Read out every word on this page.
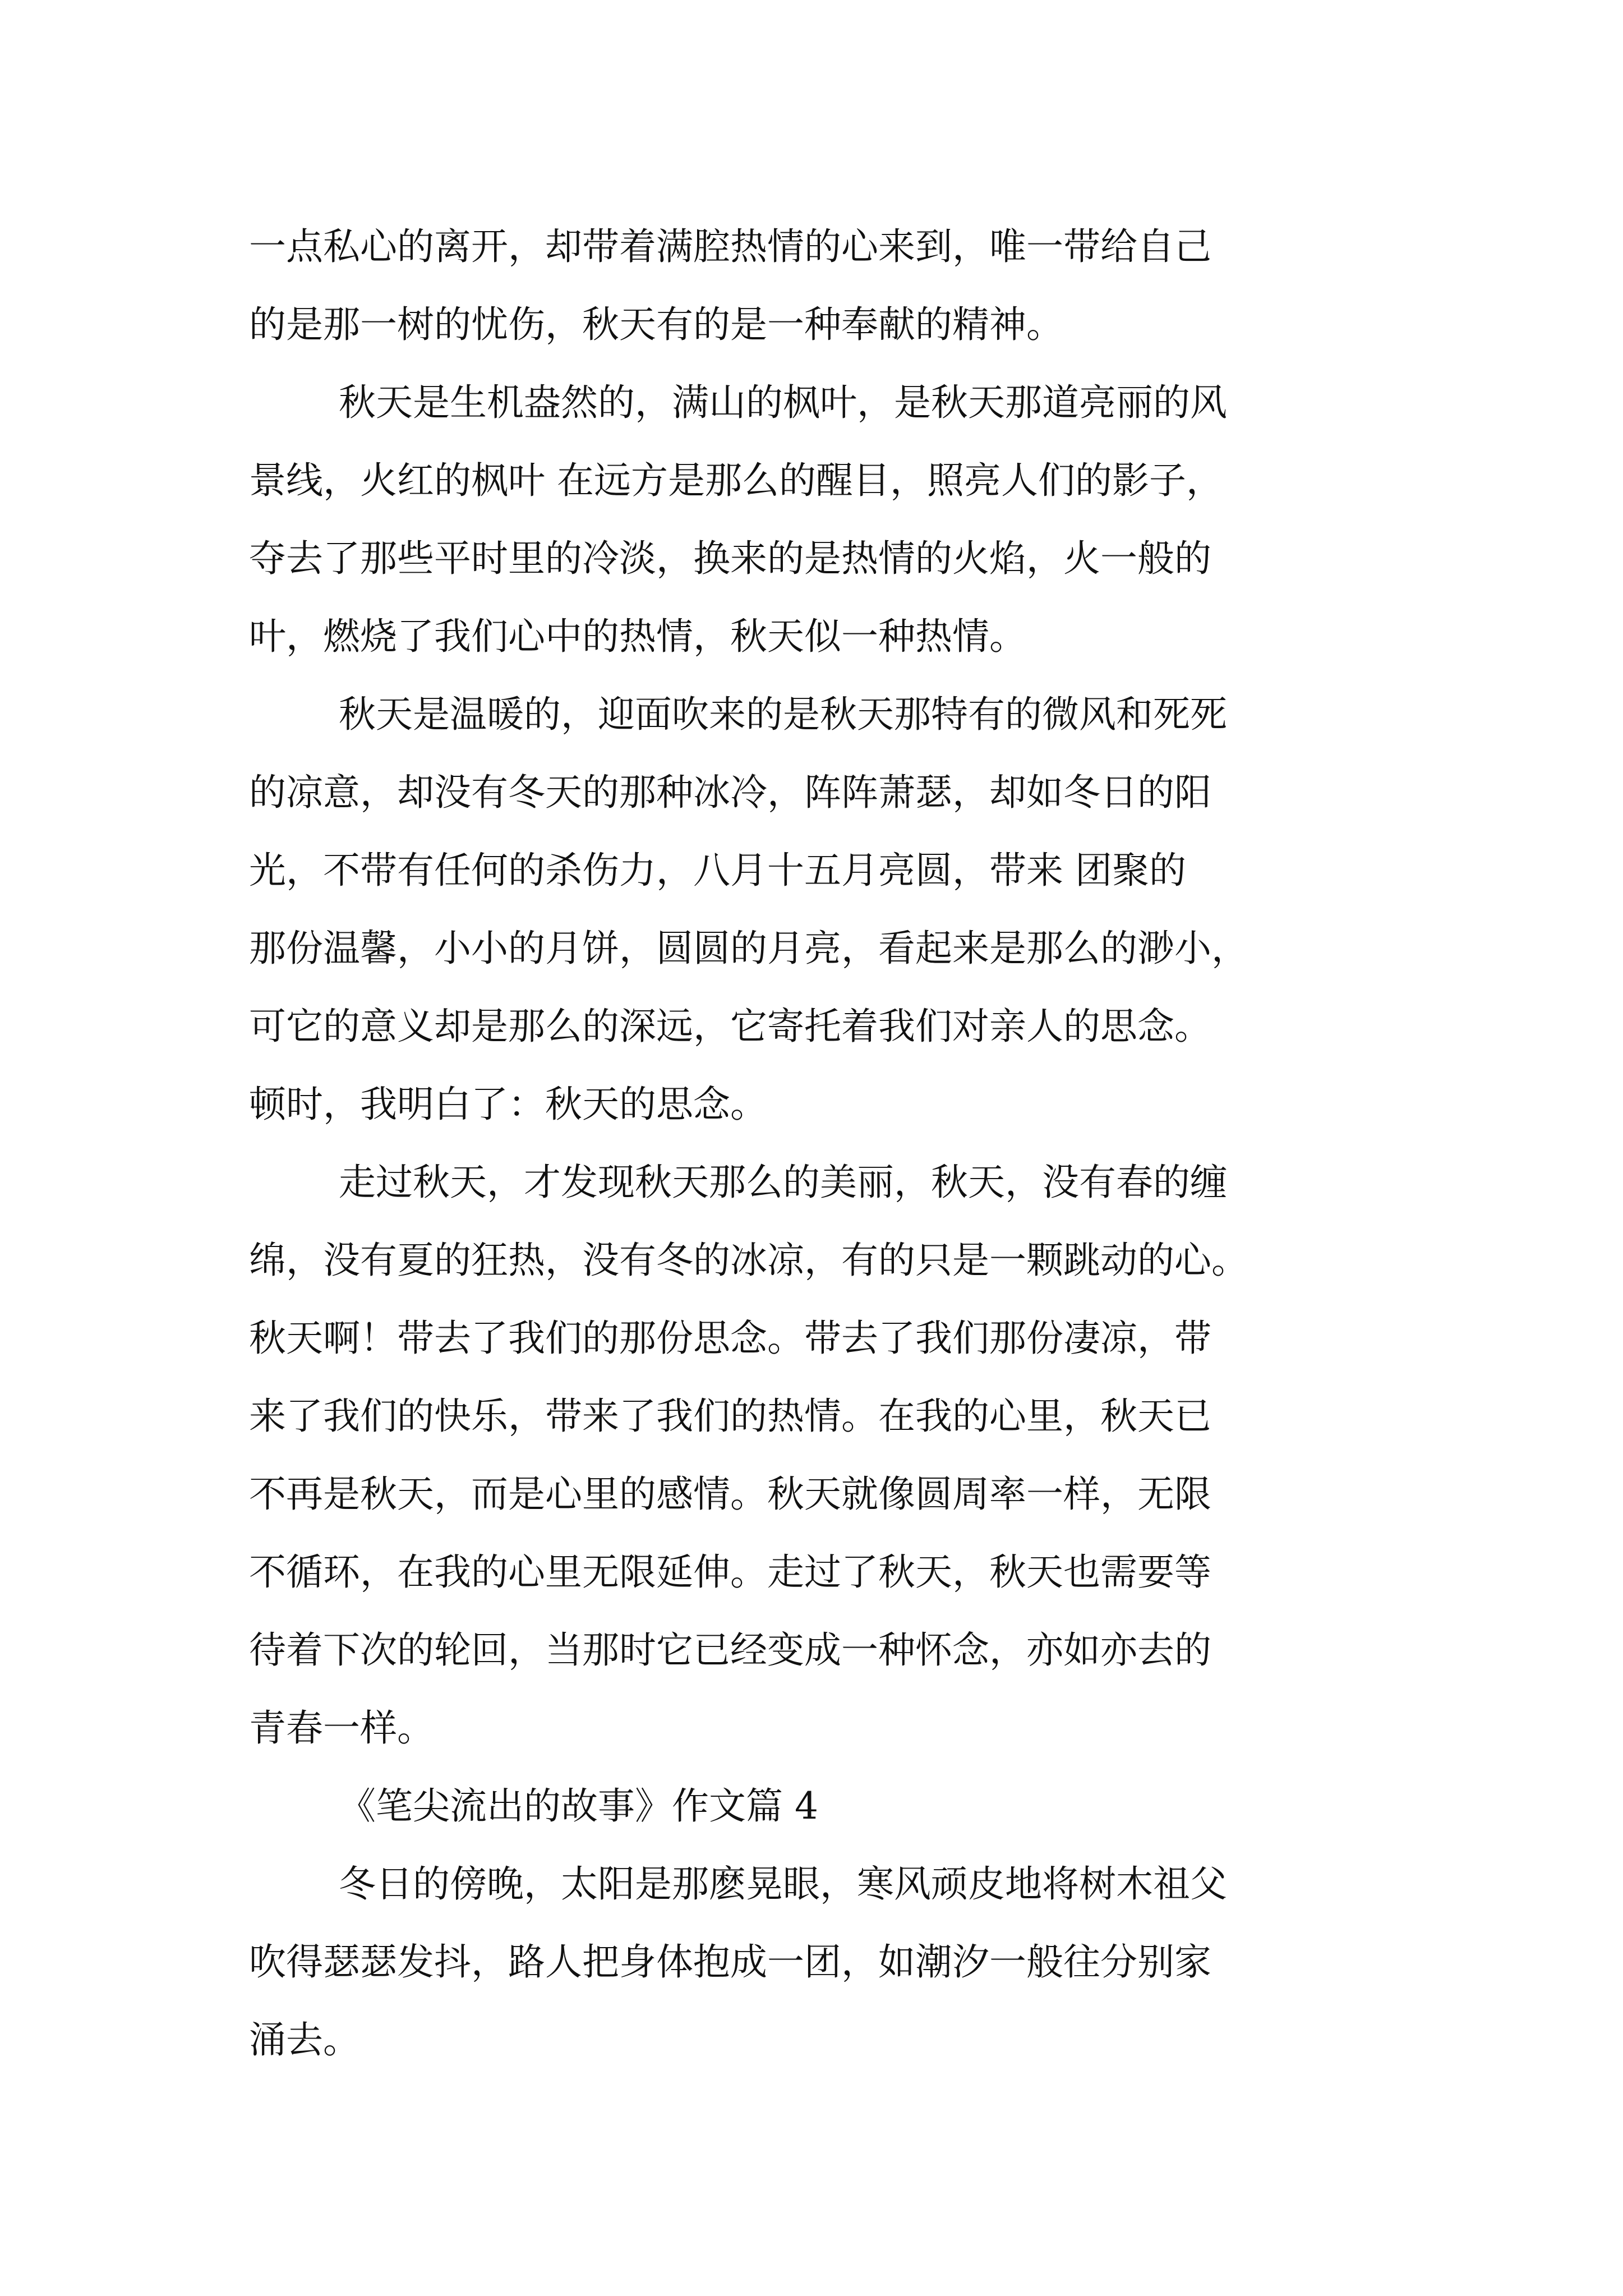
一点私心的离开，却带着满腔热情的心来到，唯一带给自己
的是那一树的忧伤，秋天有的是一种奉献的精神。
秋天是生机盎然的，满山的枫叶，是秋天那道亮丽的风
景线，火红的枫叶 在远方是那么的醒目，照亮人们的影子，
夺去了那些平时里的冷淡，换来的是热情的火焰，火一般的
叶，燃烧了我们心中的热情，秋天似一种热情。
秋天是温暖的，迎面吹来的是秋天那特有的微风和死死
的凉意，却没有冬天的那种冰冷，阵阵萧瑟，却如冬日的阳
光，不带有任何的杀伤力，八月十五月亮圆，带来 团聚的
那份温馨，小小的月饼，圆圆的月亮，看起来是那么的渺小，
可它的意义却是那么的深远，它寄托着我们对亲人的思念。
顿时，我明白了：秋天的思念。
走过秋天，才发现秋天那么的美丽，秋天，没有春的缠
绵，没有夏的狂热，没有冬的冰凉，有的只是一颗跳动的心。
秋天啊！带去了我们的那份思念。带去了我们那份凄凉，带
来了我们的快乐，带来了我们的热情。在我的心里，秋天已
不再是秋天，而是心里的感情。秋天就像圆周率一样，无限
不循环，在我的心里无限延伸。走过了秋天，秋天也需要等
待着下次的轮回，当那时它已经变成一种怀念，亦如亦去的
青春一样。
《笔尖流出的故事》作文篇 4
冬日的傍晚，太阳是那麽晃眼，寒风顽皮地将树木祖父
吹得瑟瑟发抖，路人把身体抱成一团，如潮汐一般往分别家
涌去。
